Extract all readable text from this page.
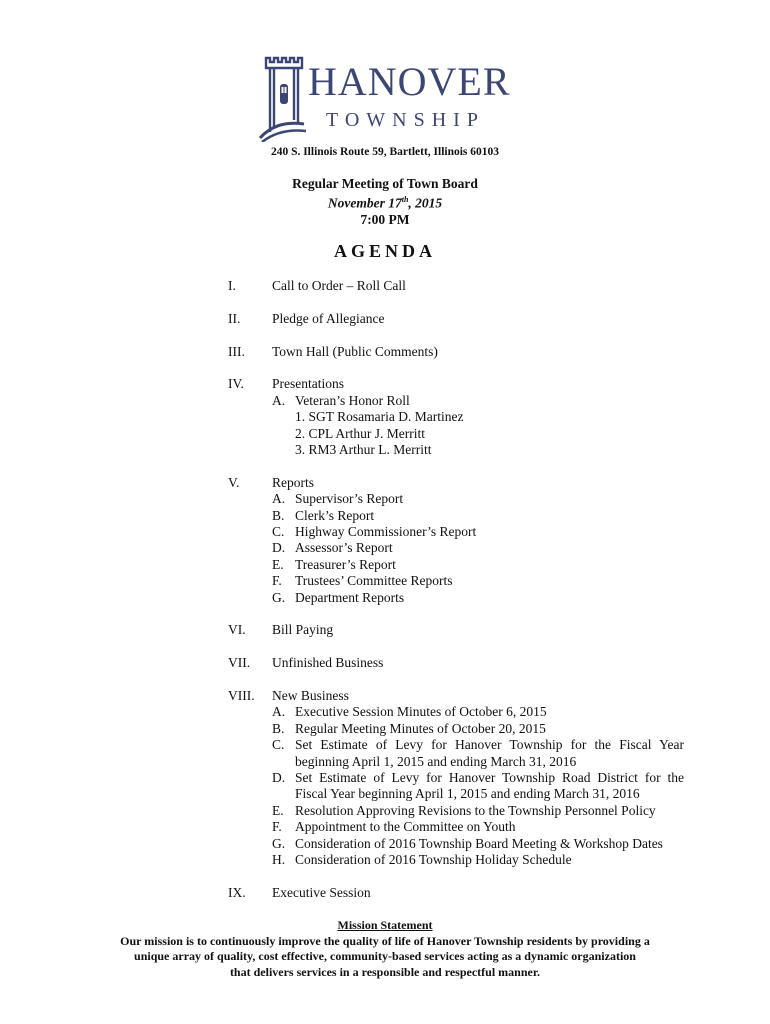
HANOVER
TOWNSHIP
240 S. Illinois Route 59, Bartlett, Illinois 60103
Regular Meeting of Town Board
November 17th, 2015
7:00 PM
AGENDA
I.	Call to Order – Roll Call
II. Pledge of Allegiance
III. Town Hall (Public Comments)
IV. Presentations
A. Veteran’s Honor Roll
1. SGT Rosamaria D. Martinez
2. CPL Arthur J. Merritt
3. RM3 Arthur L. Merritt
V. Reports
A. Supervisor’s Report
B. Clerk’s Report
C. Highway Commissioner’s Report
D. Assessor’s Report
E. Treasurer’s Report
F. Trustees’ Committee Reports
G. Department Reports
VI. Bill Paying
VII. Unfinished Business
VIII. New Business
A. Executive Session Minutes of October 6, 2015
B. Regular Meeting Minutes of October 20, 2015
C. Set Estimate of Levy for Hanover Township for the Fiscal Year beginning April 1, 2015 and ending March 31, 2016
D. Set Estimate of Levy for Hanover Township Road District for the Fiscal Year beginning April 1, 2015 and ending March 31, 2016
E. Resolution Approving Revisions to the Township Personnel Policy
F. Appointment to the Committee on Youth
G. Consideration of 2016 Township Board Meeting & Workshop Dates
H. Consideration of 2016 Township Holiday Schedule
IX. Executive Session
Mission Statement
Our mission is to continuously improve the quality of life of Hanover Township residents by providing a
unique array of quality, cost effective, community-based services acting as a dynamic organization
that delivers services in a responsible and respectful manner.
